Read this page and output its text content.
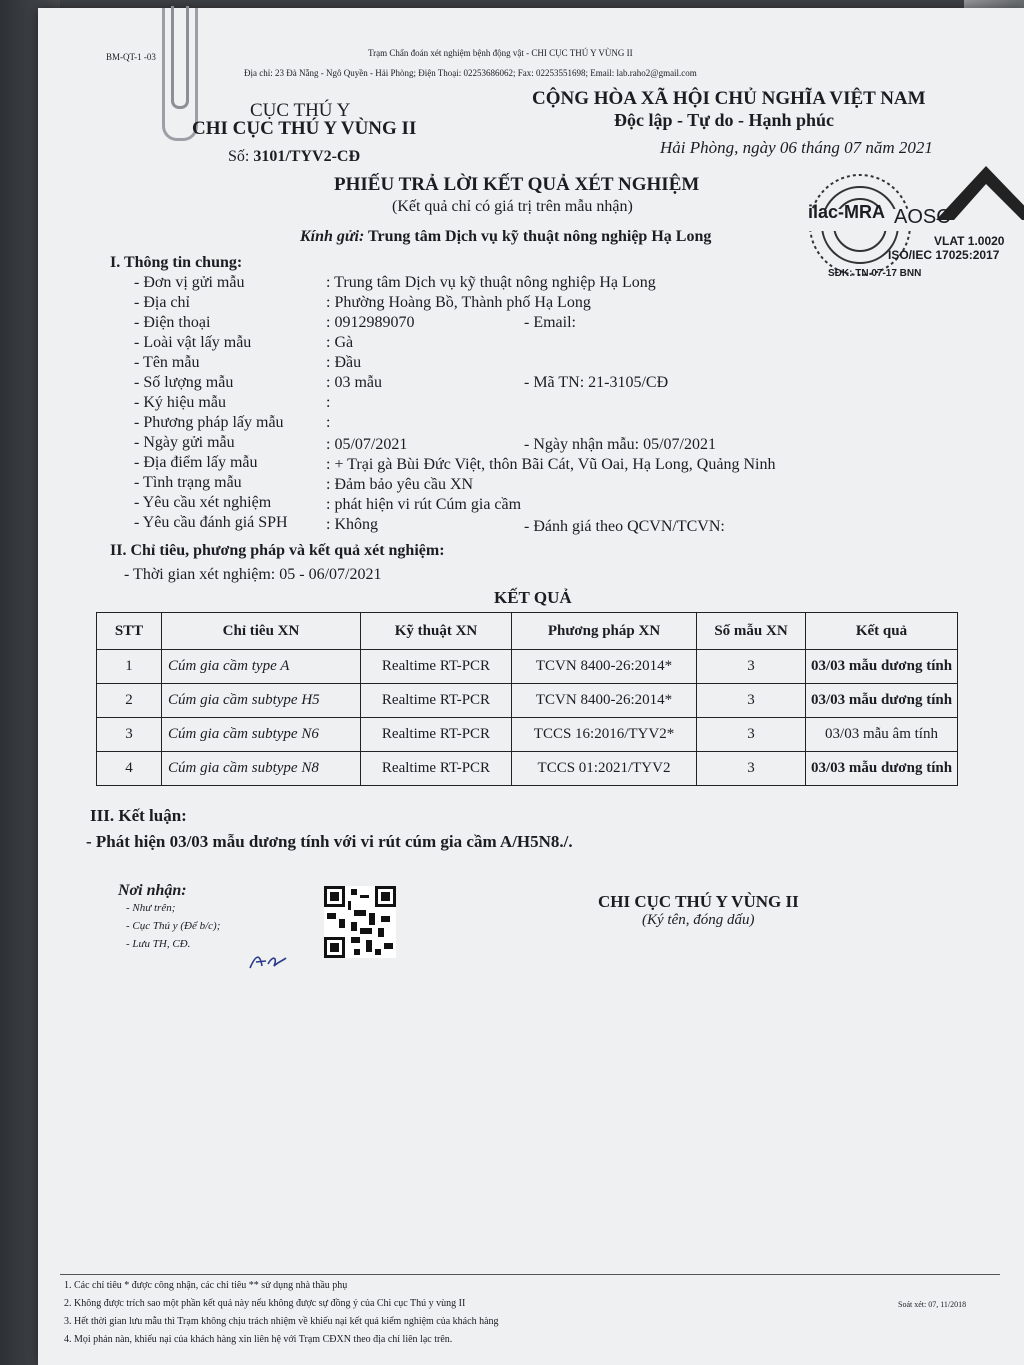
BM-QT-1 -03	Trạm Chẩn đoán xét nghiệm bệnh động vật - CHI CỤC THÚ Y VÙNG II
Địa chỉ: 23 Đà Nẵng - Ngô Quyền - Hải Phòng; Điện Thoại: 02253686062; Fax: 02253551698; Email: lab.raho2@gmail.com
CỤC THÚ Y
CHI CỤC THÚ Y VÙNG II
Số: 3101/TYV2-CĐ
CỘNG HÒA XÃ HỘI CHỦ NGHĨA VIỆT NAM
Độc lập - Tự do - Hạnh phúc
Hải Phòng, ngày 06 tháng 07 năm 2021
PHIẾU TRẢ LỜI KẾT QUẢ XÉT NGHIỆM
(Kết quả chỉ có giá trị trên mẫu nhận)
Kính gửi: Trung tâm Dịch vụ kỹ thuật nông nghiệp Hạ Long
ilac-MRA AOSC
VLAT 1.0020
ISO/IEC 17025:2017
SĐK: TN 07-17 BNN
I. Thông tin chung:
- Đơn vị gửi mẫu	: Trung tâm Dịch vụ kỹ thuật nông nghiệp Hạ Long
- Địa chỉ	: Phường Hoàng Bồ, Thành phố Hạ Long
- Điện thoại	: 0912989070	- Email:
- Loài vật lấy mẫu	: Gà
- Tên mẫu	: Đầu
- Số lượng mẫu	: 03 mẫu	- Mã TN: 21-3105/CĐ
- Ký hiệu mẫu	:
- Phương pháp lấy mẫu	:
- Ngày gửi mẫu	: 05/07/2021	- Ngày nhận mẫu: 05/07/2021
- Địa điểm lấy mẫu	: + Trại gà Bùi Đức Việt, thôn Bãi Cát, Vũ Oai, Hạ Long, Quảng Ninh
- Tình trạng mẫu	: Đảm bảo yêu cầu XN
- Yêu cầu xét nghiệm	: phát hiện vi rút Cúm gia cầm
- Yêu cầu đánh giá SPH : Không	- Đánh giá theo QCVN/TCVN:
II. Chỉ tiêu, phương pháp và kết quả xét nghiệm:
- Thời gian xét nghiệm: 05 - 06/07/2021
KẾT QUẢ
STT	Chỉ tiêu XN	Kỹ thuật XN	Phương pháp XN	Số mẫu XN	Kết quả
1	Cúm gia cầm type A	Realtime RT-PCR	TCVN 8400-26:2014*	3	03/03 mẫu dương tính
2	Cúm gia cầm subtype H5	Realtime RT-PCR	TCVN 8400-26:2014*	3	03/03 mẫu dương tính
3	Cúm gia cầm subtype N6	Realtime RT-PCR	TCCS 16:2016/TYV2*	3	03/03 mẫu âm tính
4	Cúm gia cầm subtype N8	Realtime RT-PCR	TCCS 01:2021/TYV2	3	03/03 mẫu dương tính
III. Kết luận:
- Phát hiện 03/03 mẫu dương tính với vi rút cúm gia cầm A/H5N8./.
Nơi nhận:
- Như trên;
- Cục Thú y (Để b/c);
- Lưu TH, CĐ.
CHI CỤC THÚ Y VÙNG II
(Ký tên, đóng dấu)
1. Các chỉ tiêu * được công nhận, các chỉ tiêu ** sử dụng nhà thầu phụ
2. Không được trích sao một phần kết quả này nếu không được sự đồng ý của Chi cục Thú y vùng II
3. Hết thời gian lưu mẫu thì Trạm không chịu trách nhiệm về khiếu nại kết quả kiểm nghiệm của khách hàng
4. Mọi phản nàn, khiếu nại của khách hàng xin liên hệ với Trạm CĐXN theo địa chỉ liên lạc trên.
Soát xét: 07, 11/2018
